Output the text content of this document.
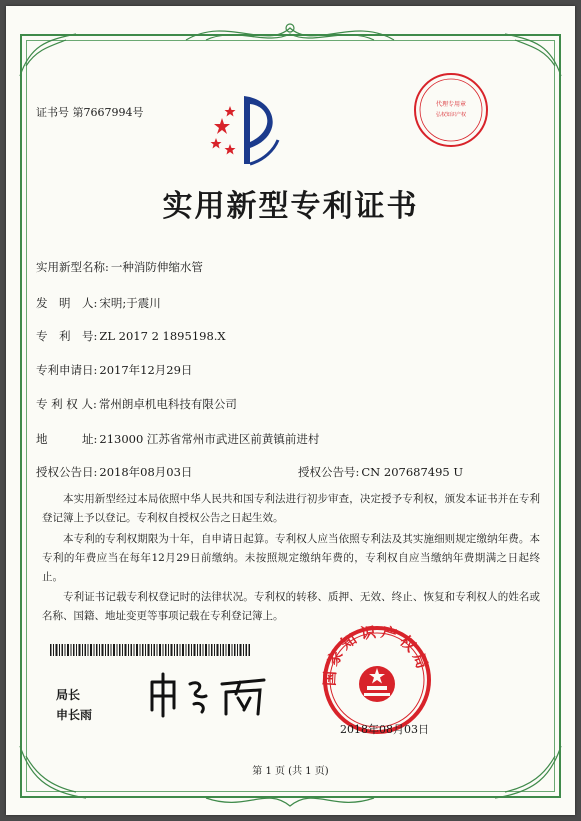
证书号 第7667994号
代理专用章
弘权知识产权
实用新型专利证书
实用新型名称: 一种消防伸缩水管
发　明　人: 宋明;于震川
专　利　号: ZL 2017 2 1895198.X
专利申请日: 2017年12月29日
专 利 权 人: 常州朗卓机电科技有限公司
地　　　址: 213000 江苏省常州市武进区前黄镇前进村
授权公告日: 2018年08月03日	授权公告号: CN 207687495 U

本实用新型经过本局依照中华人民共和国专利法进行初步审查，决定授予专利权，颁发本证书并在专利登记簿上予以登记。专利权自授权公告之日起生效。

本专利的专利权期限为十年，自申请日起算。专利权人应当依照专利法及其实施细则规定缴纳年费。本专利的年费应当在每年12月29日前缴纳。未按照规定缴纳年费的，专利权自应当缴纳年费期满之日起终止。

专利证书记载专利权登记时的法律状况。专利权的转移、质押、无效、终止、恢复和专利权人的姓名或名称、国籍、地址变更等事项记载在专利登记簿上。

局长
申长雨
国家知识产权局
2018年08月03日
第 1 页 (共 1 页)
